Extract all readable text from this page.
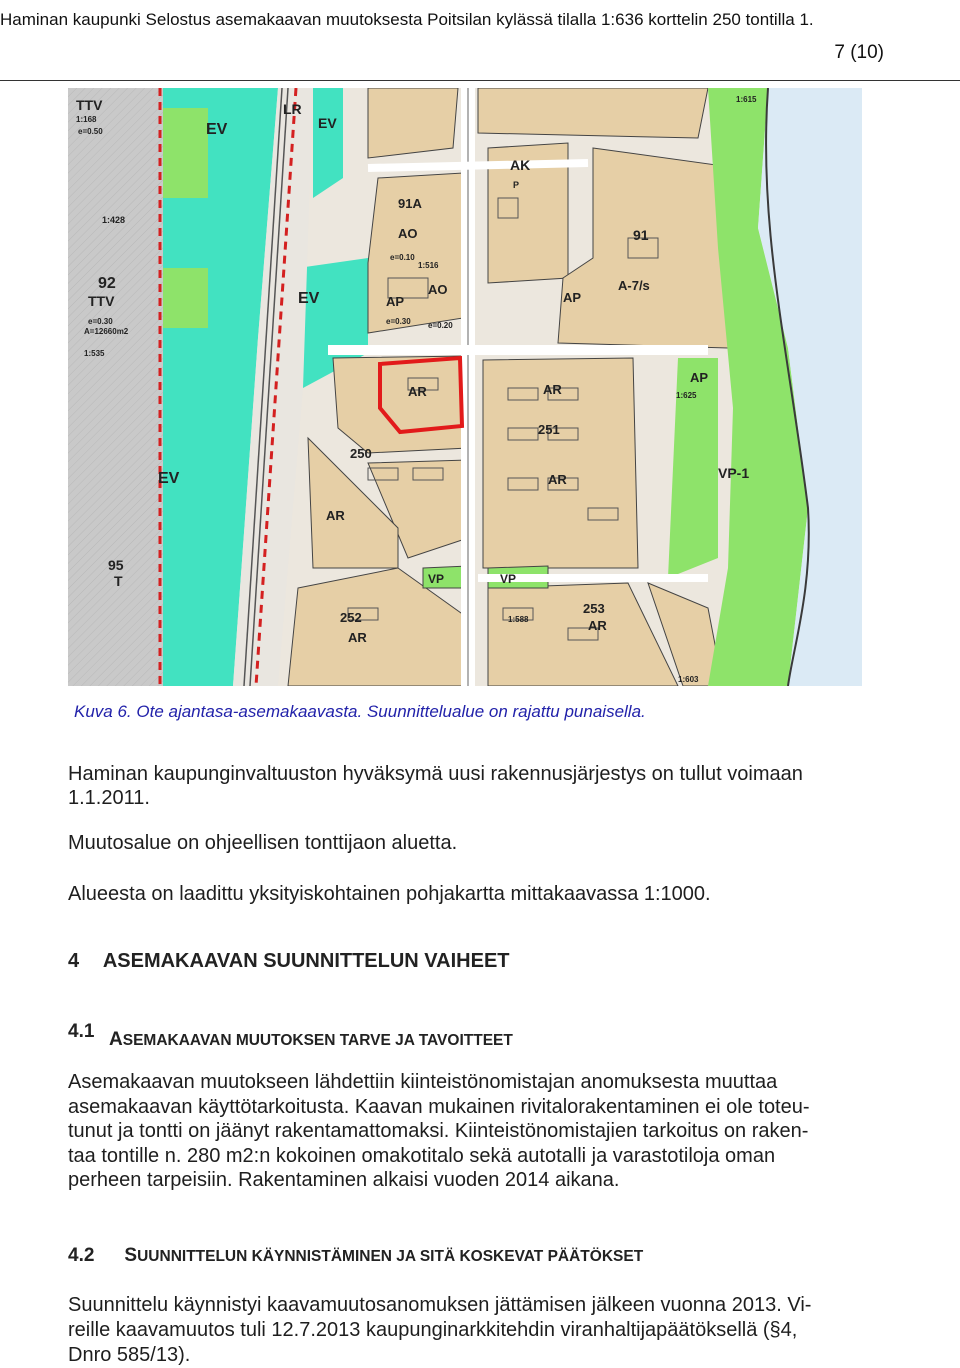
Haminan kaupunki Selostus asemakaavan muutoksesta Poitsilan kylässä tilalla 1:636 korttelin 250 tontilla 1.
7 (10)
TTV
1:168
e=0.50	EV
LR
EV
1:428
92
TTV
e=0.30
A=12660m2
1:535
95
T
EV
EV
91A
AO
e=0.10
1:516
AO
AP
e=0.30 e=0.20
AK
P
91
A-7/s
AP
AP
VP-1
AR	AR
251
AR
250
AR
VP	VP
252
AR
253
AR
1:615
1:625
1:603
1:588
Kuva 6. Ote ajantasa-asemakaavasta. Suunnittelualue on rajattu punaisella.
Haminan kaupunginvaltuuston hyväksymä uusi rakennusjärjestys on tullut voimaan
1.1.2011.
Muutosalue on ohjeellisen tonttijaon aluetta.
Alueesta on laadittu yksityiskohtainen pohjakartta mittakaavassa 1:1000.
4 ASEMAKAAVAN SUUNNITTELUN VAIHEET
4.1 ASEMAKAAVAN MUUTOKSEN TARVE JA TAVOITTEET
Asemakaavan muutokseen lähdettiin kiinteistönomistajan anomuksesta muuttaa
asemakaavan käyttötarkoitusta. Kaavan mukainen rivitalorakentaminen ei ole toteu-
tunut ja tontti on jäänyt rakentamattomaksi. Kiinteistönomistajien tarkoitus on raken-
taa tontille n. 280 m2:n kokoinen omakotitalo sekä autotalli ja varastotiloja oman
perheen tarpeisiin. Rakentaminen alkaisi vuoden 2014 aikana.
4.2 SUUNNITTELUN KÄYNNISTÄMINEN JA SITÄ KOSKEVAT PÄÄTÖKSET
Suunnittelu käynnistyi kaavamuutosanomuksen jättämisen jälkeen vuonna 2013. Vi-
reille kaavamuutos tuli 12.7.2013 kaupunginarkkitehdin viranhaltijapäätöksellä (§4,
Dnro 585/13).
